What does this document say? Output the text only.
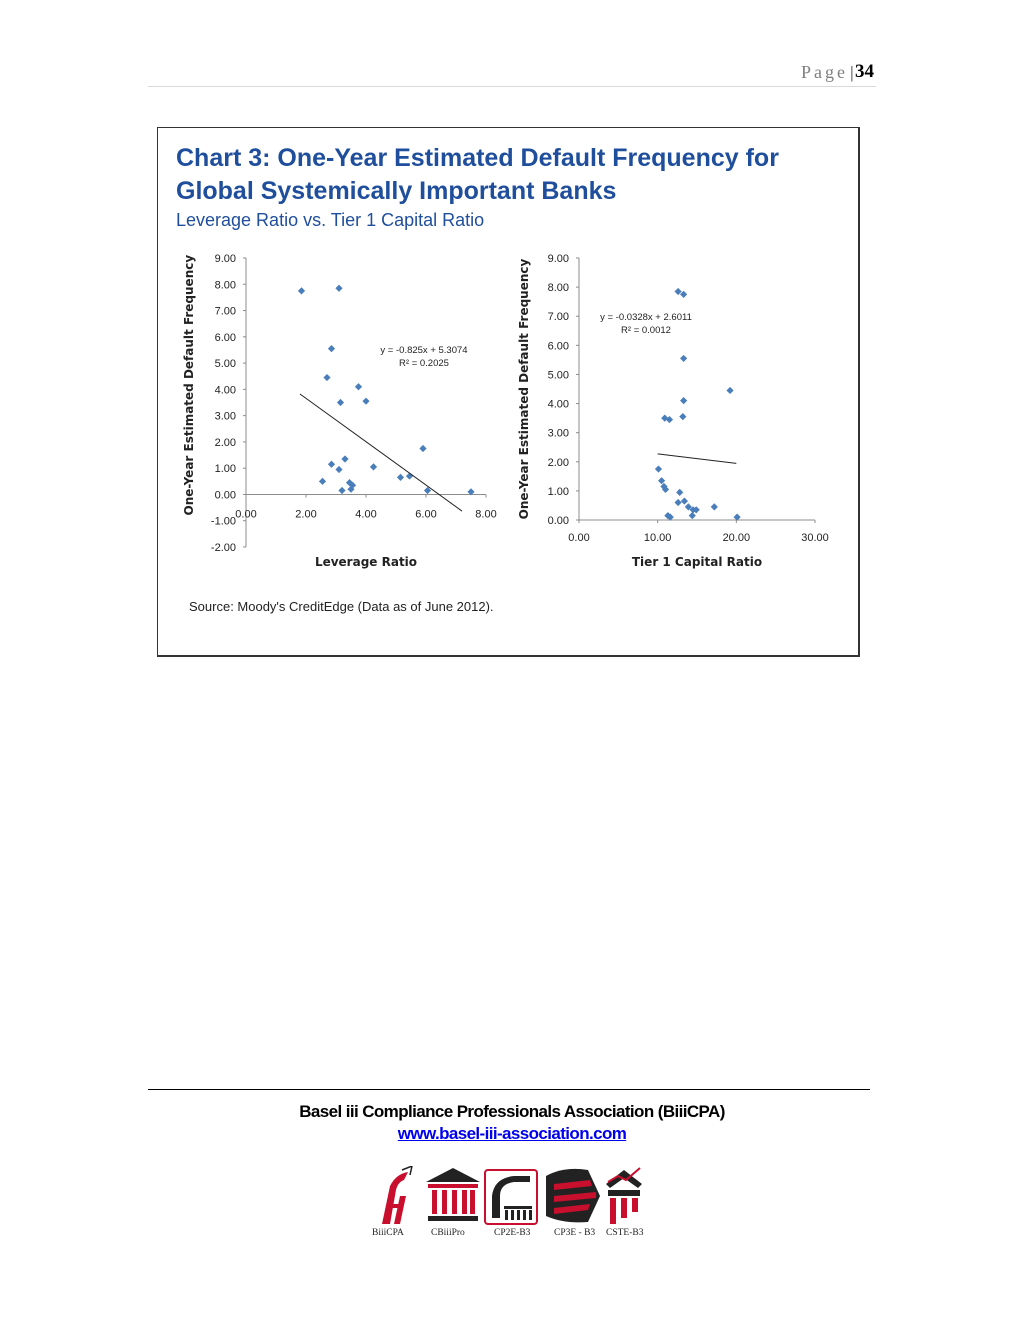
Page | 34
Chart 3: One-Year Estimated Default Frequency for Global Systemically Important Banks
Leverage Ratio vs. Tier 1 Capital Ratio
-2.00
-1.00
0.00
1.00
2.00
3.00
4.00
5.00
6.00
7.00
8.00
9.00
0.00	2.00	4.00	6.00	8.00
y = -0.825x + 5.3074
R² = 0.2025
Leverage Ratio
One-Year Estimated Default Frequency
0.00
1.00
2.00
3.00
4.00
5.00
6.00
7.00
8.00
9.00
0.00	10.00	20.00	30.00
y = -0.0328x + 2.6011
R² = 0.0012
Tier 1 Capital Ratio
One-Year Estimated Default Frequency
Source: Moody's CreditEdge (Data as of June 2012).
Basel iii Compliance Professionals Association (BiiiCPA)
www.basel-iii-association.com
BiiiCPA	CBiiiPro	CP2E-B3 CP3E - B3 CSTE-B3
